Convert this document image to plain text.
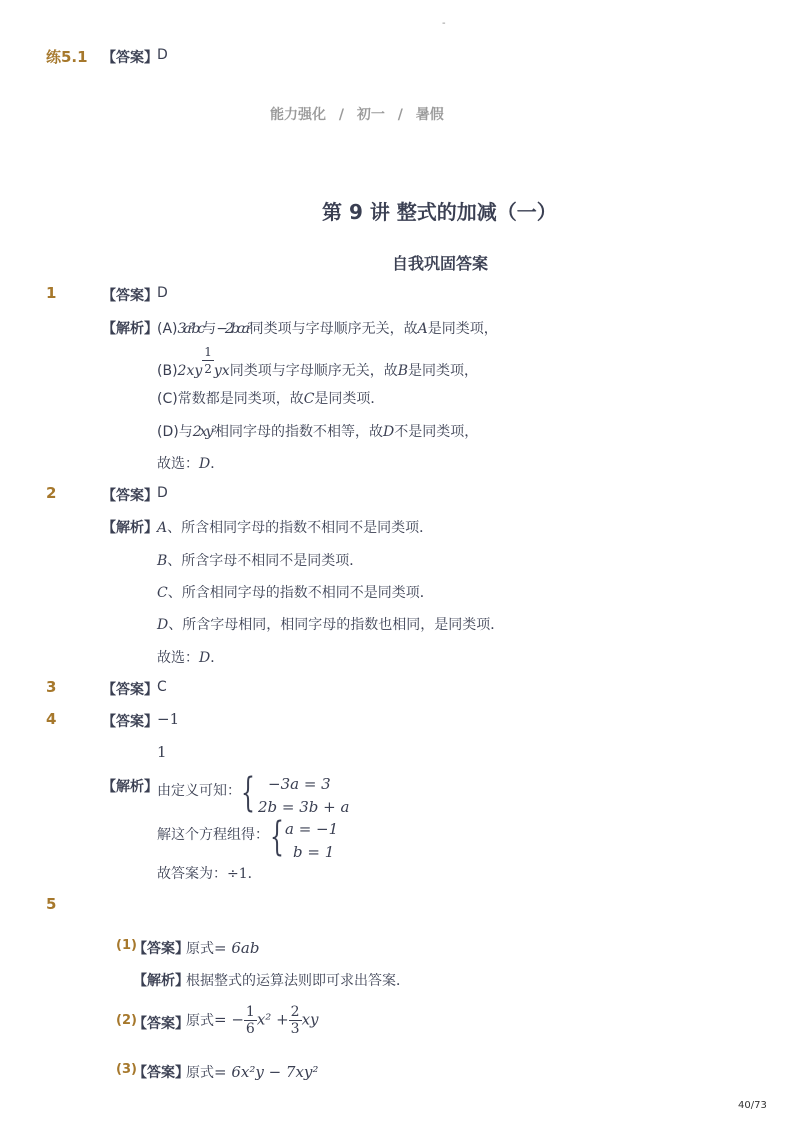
-
练5.1 【答案】 D
能力强化 / 初一 / 暑假
第 9 讲 整式的加减（一）
自我巩固答案
1	【答案】 D
【解析】 (A)3a²bc与−2bca²同类项与字母顺序无关，故A是同类项，
$(B)2xy \frac{1}{2}$ yx同类项与字母顺序无关，故B是同类项，
(C)常数都是同类项，故C是同类项．
(D)与2xy²相同字母的指数不相等，故D不是同类项，
故选：D．
2	【答案】 D
【解析】 A、所含相同字母的指数不相同不是同类项．
B、所含字母不相同不是同类项．
C、所含相同字母的指数不相同不是同类项．
D、所含字母相同，相同字母的指数也相同，是同类项．
故选：D．
3	【答案】 C
4	【答案】 −1
1
【解析】 由定义可知： { −3a = 3
2b = 3b + a
解这个方程组得： { a = −1
b = 1
故答案为：÷1．
5
(1)
【答案】
原式= 6ab
【解析】
根据整式的运算法则即可求出答案．
(2)
【答案】
原式= − $\frac{1}{6} x^2 + \frac{2}{3}$ xy
(3)
【答案】
原式= 6x²y − 7xy²
40/73
